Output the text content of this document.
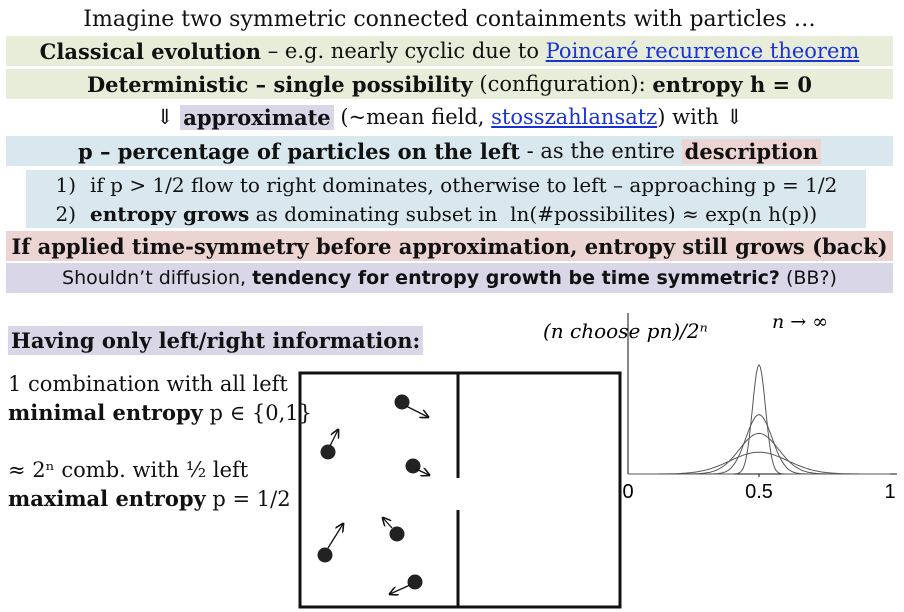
Imagine two symmetric connected containments with particles …
Classical evolution – e.g. nearly cyclic due to Poincaré recurrence theorem
Deterministic – single possibility (configuration): entropy h = 0
⇓ approximate (~mean field, stosszahlansatz ) with ⇓
p – percentage of particles on the left - as the entire description
1) if p > 1/2 flow to right dominates, otherwise to left – approaching p = 1/2
2) entropy grows as dominating subset in  ln(#possibilites) ≈ exp(n h(p))
If applied time-symmetry before approximation, entropy still grows (back)
Shouldn’t diffusion, tendency for entropy growth be time symmetric? (BB?)
Having only left/right information:
1 combination with all left
minimal entropy p ∈ {0,1}
≈ 2ⁿ comb. with ½ left
maximal entropy p = 1/2	0	0.5	1
(n choose pn)/2ⁿ	n → ∞
